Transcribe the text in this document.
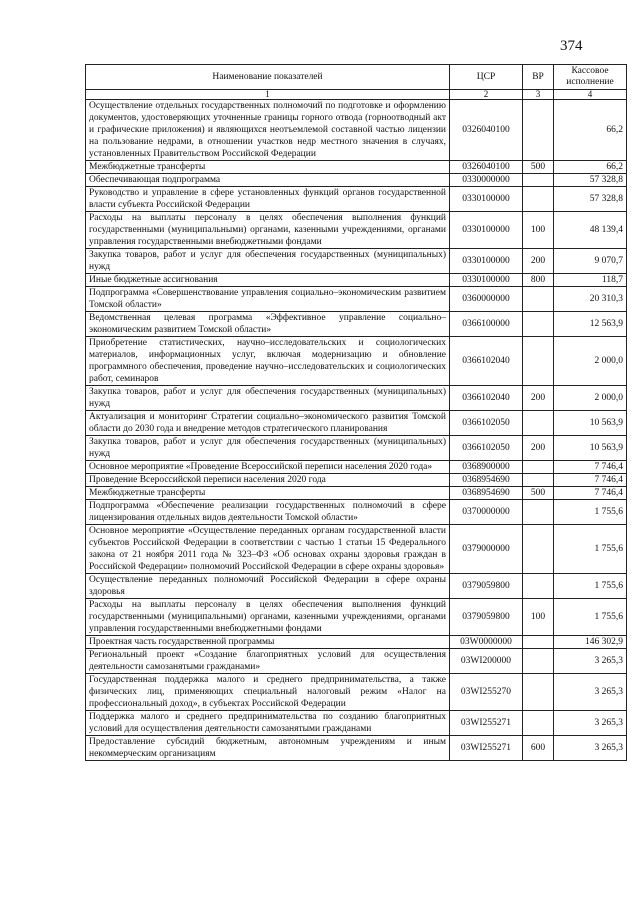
374
Наименование показателей	ЦСР	ВР	Кассовое исполнение
1	2	3	4
Осуществление отдельных государственных полномочий по подготовке и оформлению документов, удостоверяющих уточненные границы горного отвода (горноотводный акт и графические приложения) и являющихся неотъемлемой составной частью лицензии на пользование недрами, в отношении участков недр местного значения в случаях, установленных Правительством Российской Федерации	0326040100		66,2
Межбюджетные трансферты	0326040100	500	66,2
Обеспечивающая подпрограмма	0330000000		57 328,8
Руководство и управление в сфере установленных функций органов государственной власти субъекта Российской Федерации	0330100000		57 328,8
Расходы на выплаты персоналу в целях обеспечения выполнения функций государственными (муниципальными) органами, казенными учреждениями, органами управления государственными внебюджетными фондами	0330100000	100	48 139,4
Закупка товаров, работ и услуг для обеспечения государственных (муниципальных) нужд	0330100000	200	9 070,7
Иные бюджетные ассигнования	0330100000	800	118,7
Подпрограмма «Совершенствование управления социально–экономическим развитием Томской области»	0360000000		20 310,3
Ведомственная целевая программа «Эффективное управление социально–экономическим развитием Томской области»	0366100000		12 563,9
Приобретение статистических, научно–исследовательских и социологических материалов, информационных услуг, включая модернизацию и обновление программного обеспечения, проведение научно–исследовательских и социологических работ, семинаров	0366102040		2 000,0
Закупка товаров, работ и услуг для обеспечения государственных (муниципальных) нужд	0366102040	200	2 000,0
Актуализация и мониторинг Стратегии социально–экономического развития Томской области до 2030 года и внедрение методов стратегического планирования	0366102050		10 563,9
Закупка товаров, работ и услуг для обеспечения государственных (муниципальных) нужд	0366102050	200	10 563,9
Основное мероприятие «Проведение Всероссийской переписи населения 2020 года»	0368900000		7 746,4
Проведение Всероссийской переписи населения 2020 года	0368954690		7 746,4
Межбюджетные трансферты	0368954690	500	7 746,4
Подпрограмма «Обеспечение реализации государственных полномочий в сфере лицензирования отдельных видов деятельности Томской области»	0370000000		1 755,6
Основное мероприятие «Осуществление переданных органам государственной власти субъектов Российской Федерации в соответствии с частью 1 статьи 15 Федерального закона от 21 ноября 2011 года № 323–ФЗ «Об основах охраны здоровья граждан в Российской Федерации» полномочий Российской Федерации в сфере охраны здоровья»	0379000000		1 755,6
Осуществление переданных полномочий Российской Федерации в сфере охраны здоровья	0379059800		1 755,6
Расходы на выплаты персоналу в целях обеспечения выполнения функций государственными (муниципальными) органами, казенными учреждениями, органами управления государственными внебюджетными фондами	0379059800	100	1 755,6
Проектная часть государственной программы	03W0000000		146 302,9
Региональный проект «Создание благоприятных условий для осуществления деятельности самозанятыми гражданами»	03WI200000		3 265,3
Государственная поддержка малого и среднего предпринимательства, а также физических лиц, применяющих специальный налоговый режим «Налог на профессиональный доход», в субъектах Российской Федерации	03WI255270		3 265,3
Поддержка малого и среднего предпринимательства по созданию благоприятных условий для осуществления деятельности самозанятыми гражданами	03WI255271		3 265,3
Предоставление субсидий бюджетным, автономным учреждениям и иным некоммерческим организациям	03WI255271	600	3 265,3
